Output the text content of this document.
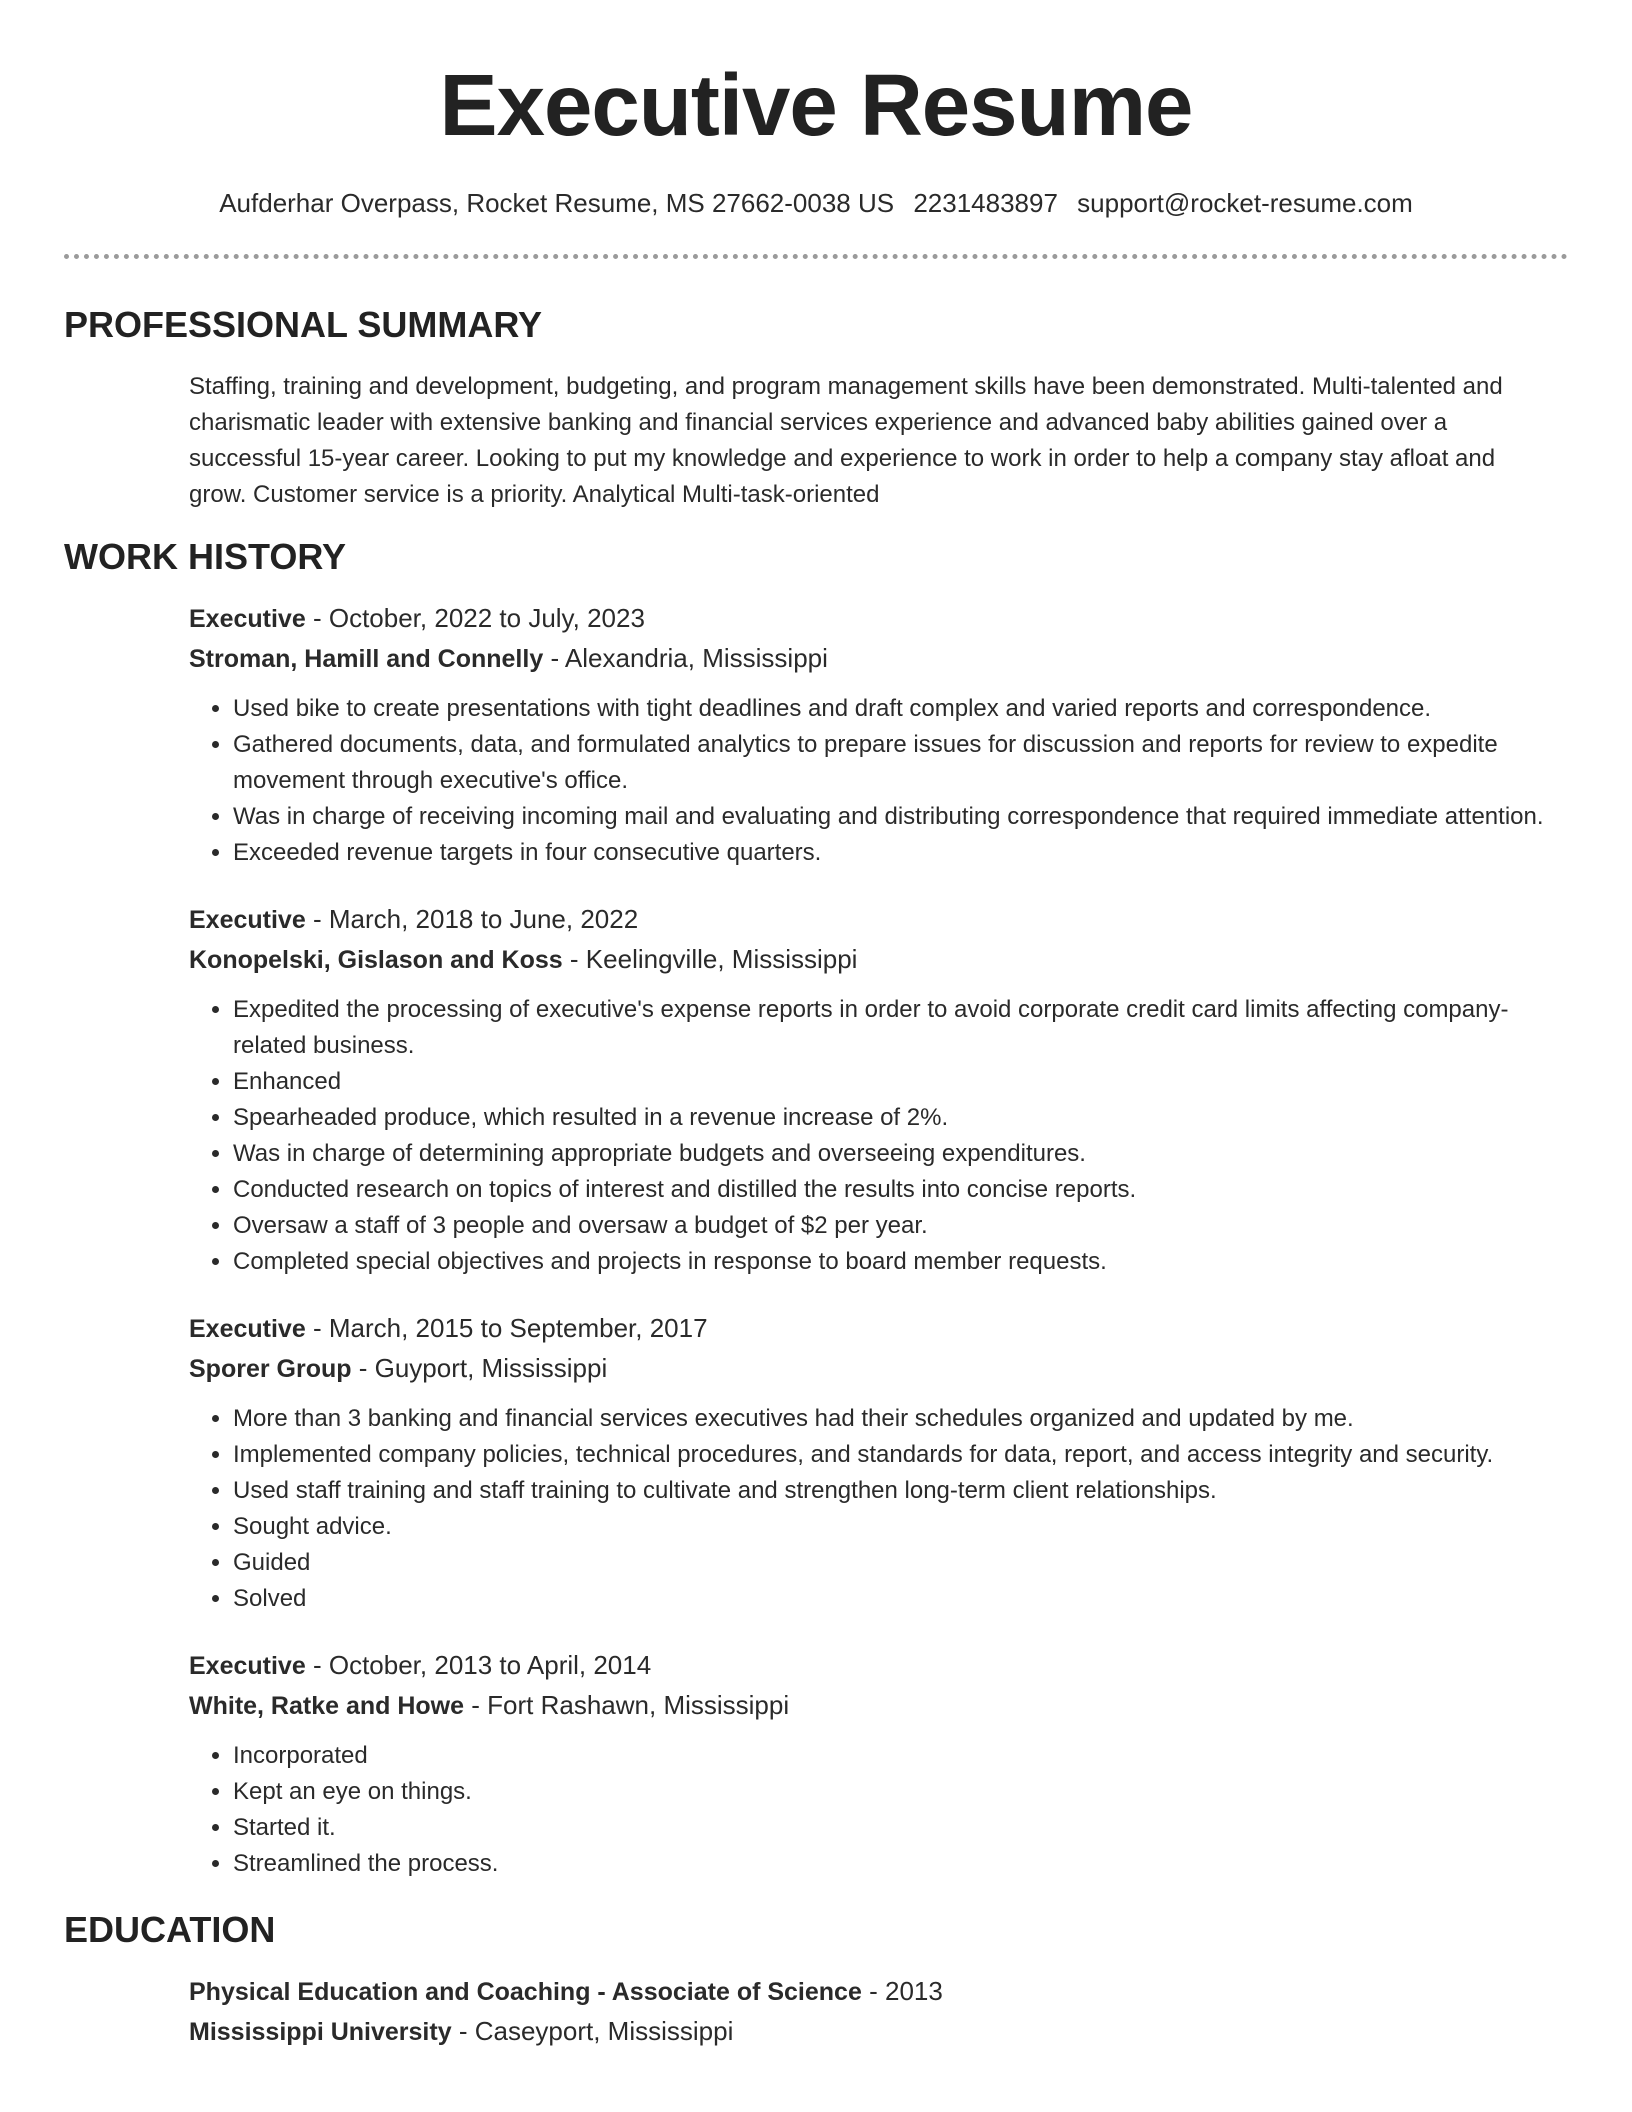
Executive Resume
Aufderhar Overpass, Rocket Resume, MS 27662-0038 US 2231483897 support@rocket-resume.com
PROFESSIONAL SUMMARY

Staffing, training and development, budgeting, and program management skills have been demonstrated. Multi-talented and charismatic leader with extensive banking and financial services experience and advanced baby abilities gained over a successful 15-year career. Looking to put my knowledge and experience to work in order to help a company stay afloat and grow. Customer service is a priority. Analytical Multi-task-oriented

WORK HISTORY
Executive - October, 2022 to July, 2023
Stroman, Hamill and Connelly - Alexandria, Mississippi
• Used bike to create presentations with tight deadlines and draft complex and varied reports and correspondence.
• Gathered documents, data, and formulated analytics to prepare issues for discussion and reports for review to expedite movement through executive's office.
• Was in charge of receiving incoming mail and evaluating and distributing correspondence that required immediate attention.
• Exceeded revenue targets in four consecutive quarters.
Executive - March, 2018 to June, 2022
Konopelski, Gislason and Koss - Keelingville, Mississippi
• Expedited the processing of executive's expense reports in order to avoid corporate credit card limits affecting company-related business.
• Enhanced
• Spearheaded produce, which resulted in a revenue increase of 2%.
• Was in charge of determining appropriate budgets and overseeing expenditures.
• Conducted research on topics of interest and distilled the results into concise reports.
• Oversaw a staff of 3 people and oversaw a budget of $2 per year.
• Completed special objectives and projects in response to board member requests.
Executive - March, 2015 to September, 2017
Sporer Group - Guyport, Mississippi
• More than 3 banking and financial services executives had their schedules organized and updated by me.
• Implemented company policies, technical procedures, and standards for data, report, and access integrity and security.
• Used staff training and staff training to cultivate and strengthen long-term client relationships.
• Sought advice.
• Guided
• Solved
Executive - October, 2013 to April, 2014
White, Ratke and Howe - Fort Rashawn, Mississippi
• Incorporated
• Kept an eye on things.
• Started it.
• Streamlined the process.
EDUCATION
Physical Education and Coaching - Associate of Science - 2013
Mississippi University - Caseyport, Mississippi
